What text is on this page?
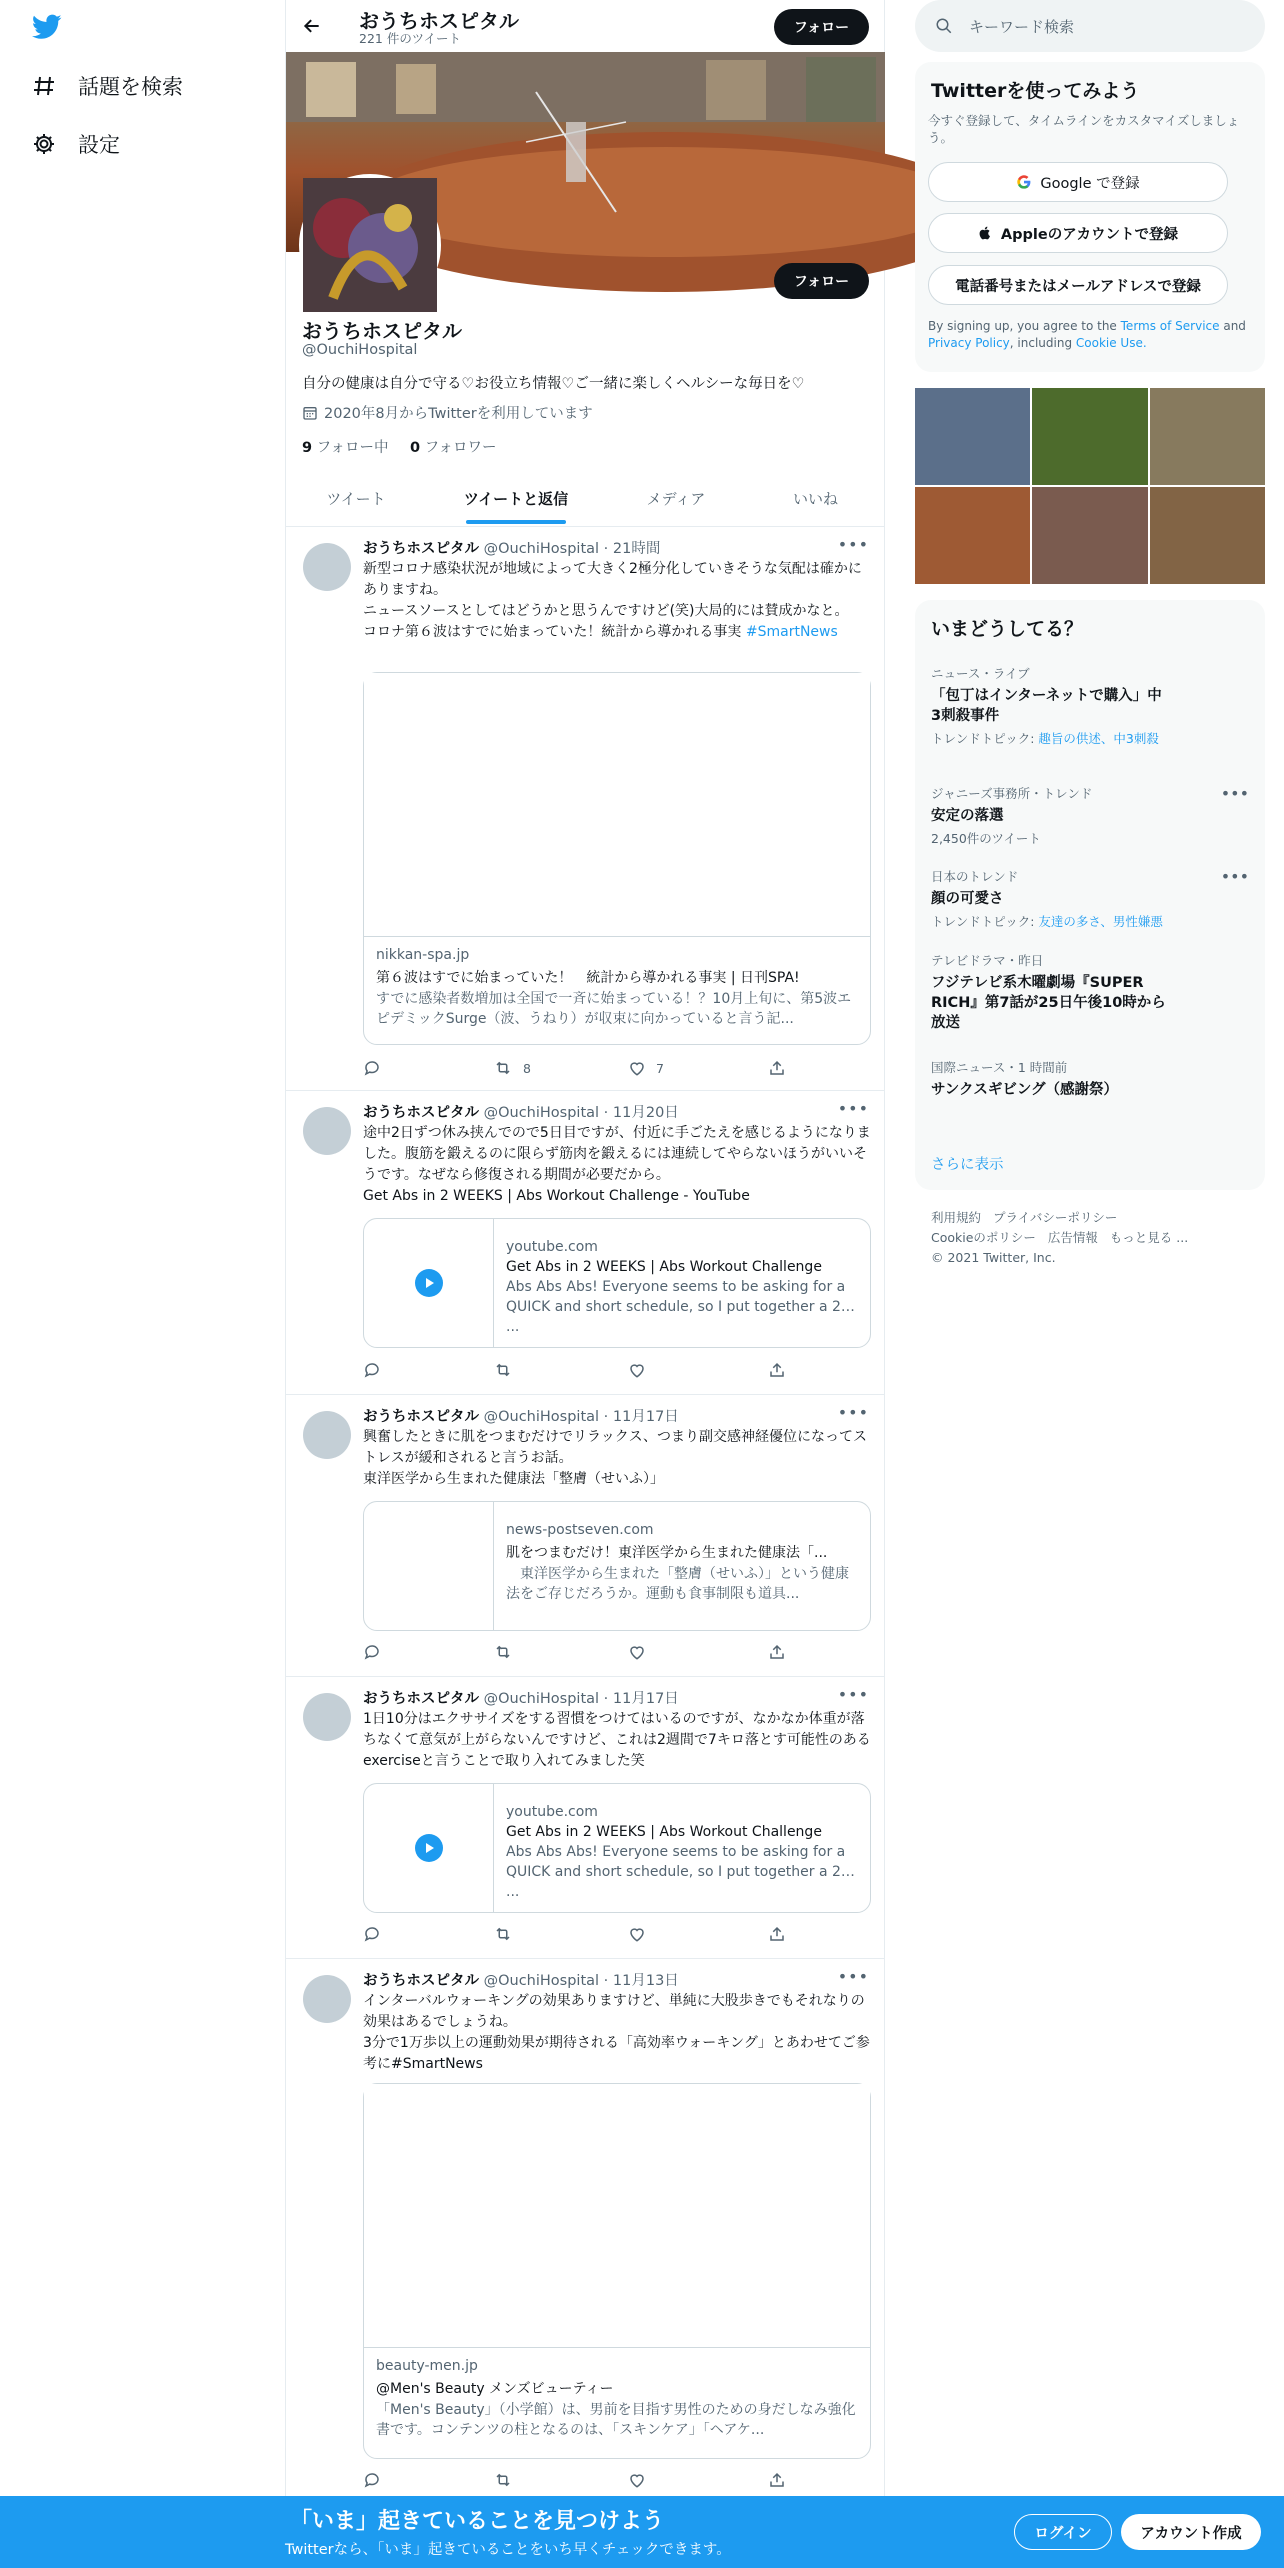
話題を検索
設定
おうちホスピタル
221 件のツイート
フォロー
フォロー
おうちホスピタル
@OuchiHospital
自分の健康は自分で守る♡お役立ち情報♡ご一緒に楽しくヘルシーな毎日を♡
2020年8月からTwitterを利用しています
9 フォロー中 0 フォロワー
ツイート	ツイートと返信	メディア	いいね
おうちホスピタル @OuchiHospital · 21時間	•••
新型コロナ感染状況が地域によって大きく2極分化していきそうな気配は確かにありますね。
ニュースソースとしてはどうかと思うんですけど(笑)大局的には賛成かなと。
コロナ第６波はすでに始まっていた！統計から導かれる事実 #SmartNews
nikkan-spa.jp
第６波はすでに始まっていた！　統計から導かれる事実 | 日刊SPA!
すでに感染者数増加は全国で一斉に始まっている！？10月上旬に、第5波エピデミックSurge（波、うねり）が収束に向かっていると言う記...
8	7
おうちホスピタル @OuchiHospital · 11月20日	•••
途中2日ずつ休み挟んでので5日目ですが、付近に手ごたえを感じるようになりました。腹筋を鍛えるのに限らず筋肉を鍛えるには連続してやらないほうがいいそうです。なぜなら修復される期間が必要だから。
Get Abs in 2 WEEKS | Abs Workout Challenge - YouTube
youtube.com
Get Abs in 2 WEEKS | Abs Workout Challenge
Abs Abs Abs! Everyone seems to be asking for a QUICK and short schedule, so I put together a 2 ...
おうちホスピタル @OuchiHospital · 11月17日	•••
興奮したときに肌をつまむだけでリラックス、つまり副交感神経優位になってストレスが緩和されると言うお話。
東洋医学から生まれた健康法「整膚（せいふ）」
news-postseven.com
肌をつまむだけ！東洋医学から生まれた健康法「...
　東洋医学から生まれた「整膚（せいふ）」という健康法をご存じだろうか。運動も食事制限も道具...
おうちホスピタル @OuchiHospital · 11月17日	•••
1日10分はエクササイズをする習慣をつけてはいるのですが、なかなか体重が落ちなくて意気が上がらないんですけど、これは2週間で7キロ落とす可能性のあるexerciseと言うことで取り入れてみました笑
youtube.com
Get Abs in 2 WEEKS | Abs Workout Challenge
Abs Abs Abs! Everyone seems to be asking for a QUICK and short schedule, so I put together a 2 ...
おうちホスピタル @OuchiHospital · 11月13日	•••
インターバルウォーキングの効果ありますけど、単純に大股歩きでもそれなりの効果はあるでしょうね。
3分で1万歩以上の運動効果が期待される「高効率ウォーキング」とあわせてご参考に#SmartNews
beauty-men.jp
@Men's Beauty メンズビューティー
「Men's Beauty」（小学館）は、男前を目指す男性のための身だしなみ強化書です。コンテンツの柱となるのは、「スキンケア」「ヘアケ...
キーワード検索
Twitterを使ってみよう
今すぐ登録して、タイムラインをカスタマイズしましょう。
Google で登録
Appleのアカウントで登録
電話番号またはメールアドレスで登録
By signing up, you agree to the Terms of Service and Privacy Policy, including Cookie Use.
いまどうしてる？
ニュース・ライブ
「包丁はインターネットで購入」中3刺殺事件
トレンドトピック: 趣旨の供述、中3刺殺
ジャニーズ事務所・トレンド
安定の落選
2,450件のツイート
•••
日本のトレンド
顔の可愛さ
トレンドトピック: 友達の多さ、男性嫌悪
•••
テレビドラマ・昨日
フジテレビ系木曜劇場『SUPER RICH』第7話が25日午後10時から放送
国際ニュース・1 時間前
サンクスギビング（感謝祭）
さらに表示
利用規約 プライバシーポリシー
Cookieのポリシー 広告情報 もっと見る ...
© 2021 Twitter, Inc.
「いま」起きていることを見つけよう
Twitterなら、「いま」起きていることをいち早くチェックできます。
ログイン	アカウント作成
